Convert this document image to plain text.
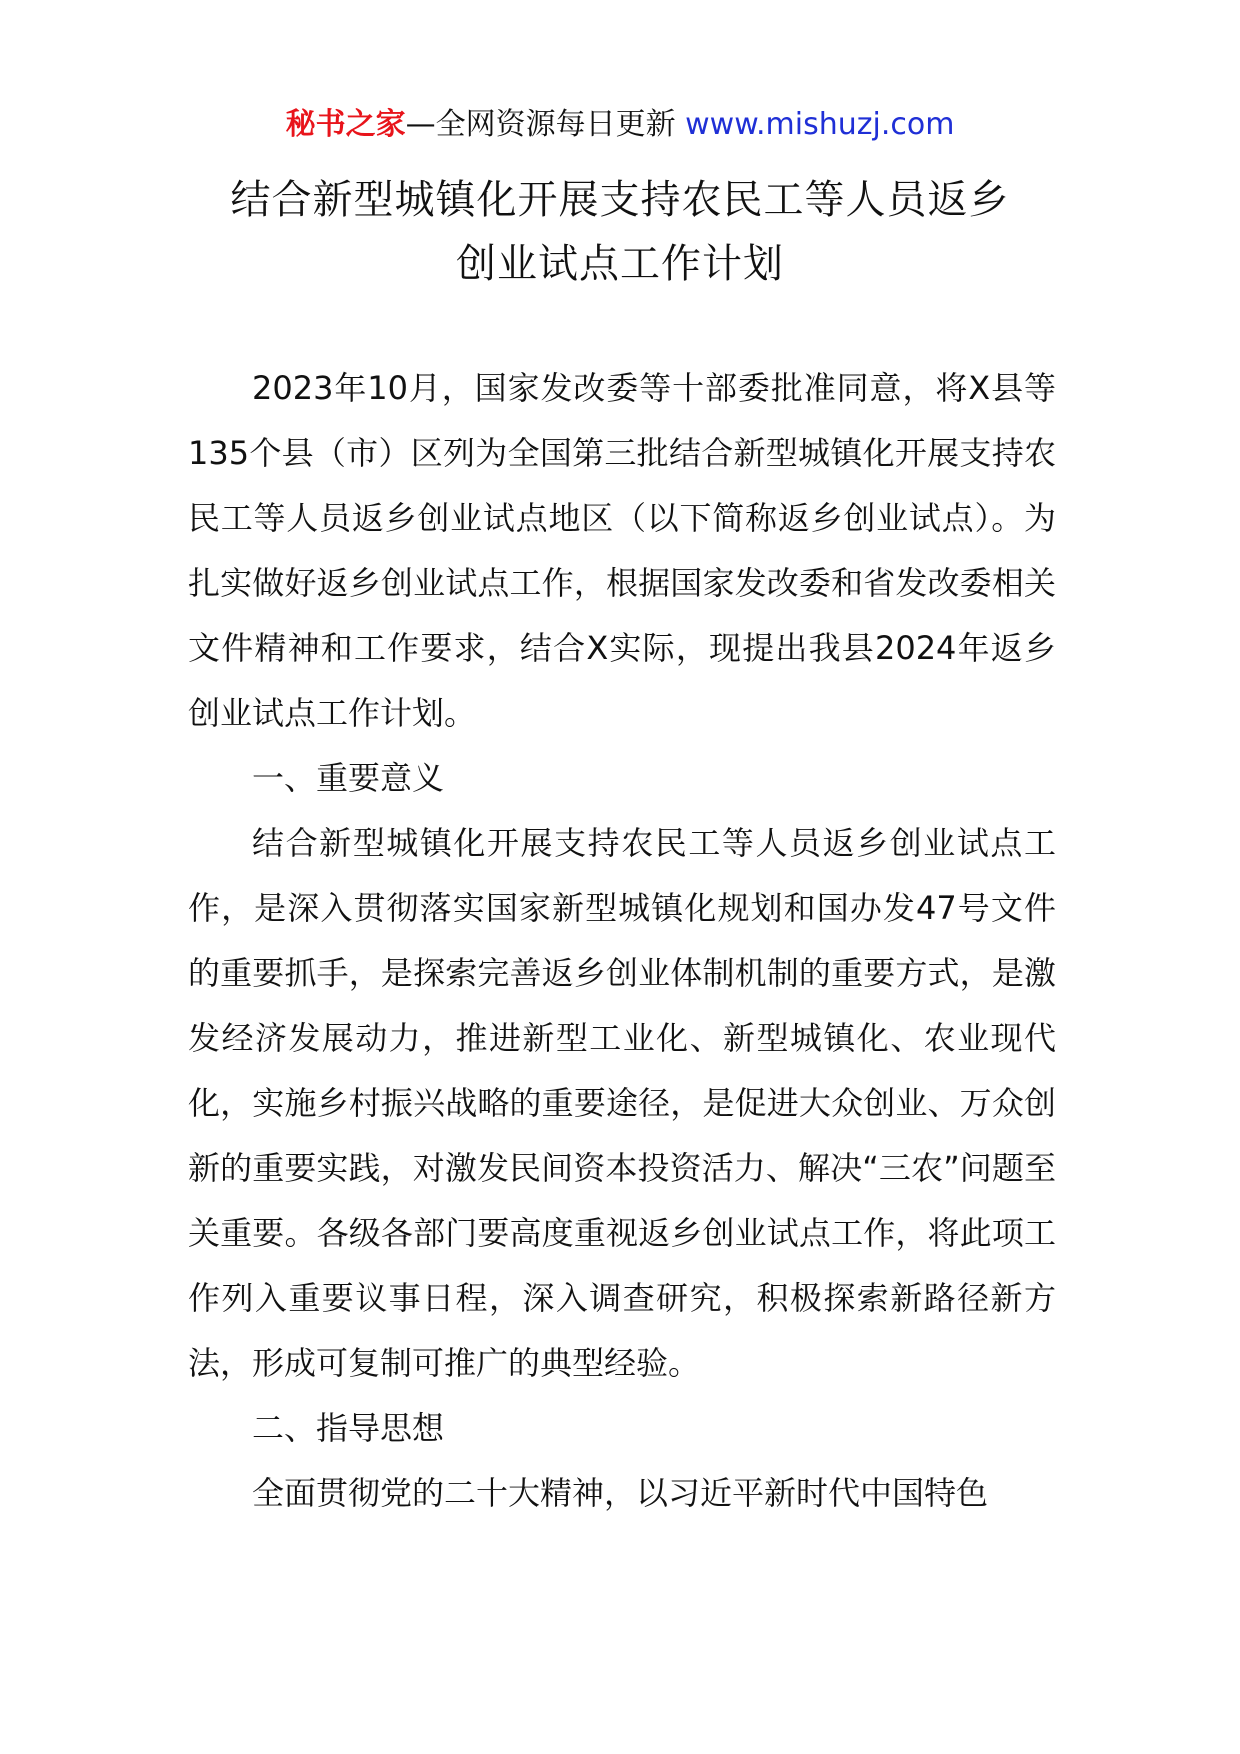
秘书之家—全网资源每日更新 www.mishuzj.com
结合新型城镇化开展支持农民工等人员返乡
创业试点工作计划

2023年10月，国家发改委等十部委批准同意，将X县等135个县（市）区列为全国第三批结合新型城镇化开展支持农民工等人员返乡创业试点地区（以下简称返乡创业试点）。为扎实做好返乡创业试点工作，根据国家发改委和省发改委相关文件精神和工作要求，结合X实际，现提出我县2024年返乡创业试点工作计划。

一、重要意义

结合新型城镇化开展支持农民工等人员返乡创业试点工作，是深入贯彻落实国家新型城镇化规划和国办发47号文件的重要抓手，是探索完善返乡创业体制机制的重要方式，是激发经济发展动力，推进新型工业化、新型城镇化、农业现代化，实施乡村振兴战略的重要途径，是促进大众创业、万众创新的重要实践，对激发民间资本投资活力、解决“三农”问题至关重要。各级各部门要高度重视返乡创业试点工作，将此项工作列入重要议事日程，深入调查研究，积极探索新路径新方法，形成可复制可推广的典型经验。

二、指导思想

全面贯彻党的二十大精神，以习近平新时代中国特色
